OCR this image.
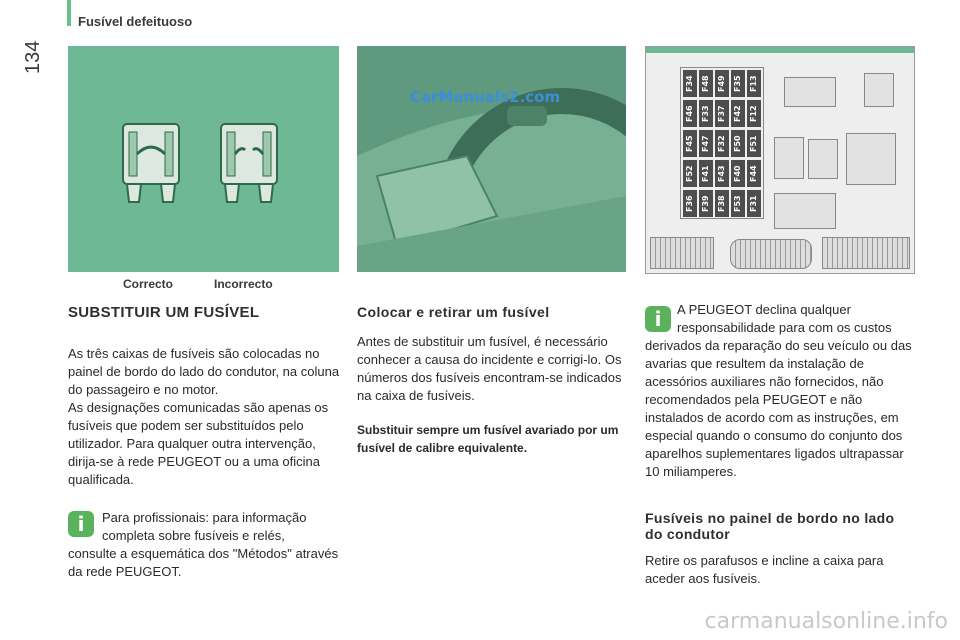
Fusível defeituoso
134
Correcto	Incorrecto
CarManuals2.com
F34 F48 F49 F35 F13
F46 F33 F37 F42 F12
F45 F47 F32 F50 F51
F52 F41 F43 F40 F44
F36 F39 F38 F53 F31
SUBSTITUIR UM FUSÍVEL

As três caixas de fusíveis são colocadas no painel de bordo do lado do condutor, na coluna do passageiro e no motor.

As designações comunicadas são apenas os fusíveis que podem ser substituídos pelo utilizador. Para qualquer outra intervenção, dirija-se à rede PEUGEOT ou a uma oficina qualificada.

i	Para profissionais: para informação completa sobre fusíveis e relés,

consulte a esquemática dos "Métodos" através da rede PEUGEOT.

Colocar e retirar um fusível

Antes de substituir um fusível, é necessário conhecer a causa do incidente e corrigi-lo. Os números dos fusíveis encontram-se indicados na caixa de fusíveis.

Substituir sempre um fusível avariado por um fusível de calibre equivalente.

i	A PEUGEOT declina qualquer responsabilidade para com os custos

derivados da reparação do seu veículo ou das avarias que resultem da instalação de acessórios auxiliares não fornecidos, não recomendados pela PEUGEOT e não instalados de acordo com as instruções, em especial quando o consumo do conjunto dos aparelhos suplementares ligados ultrapassar 10 miliamperes.

Fusíveis no painel de bordo no lado do condutor

Retire os parafusos e incline a caixa para aceder aos fusíveis.

carmanualsonline.info
